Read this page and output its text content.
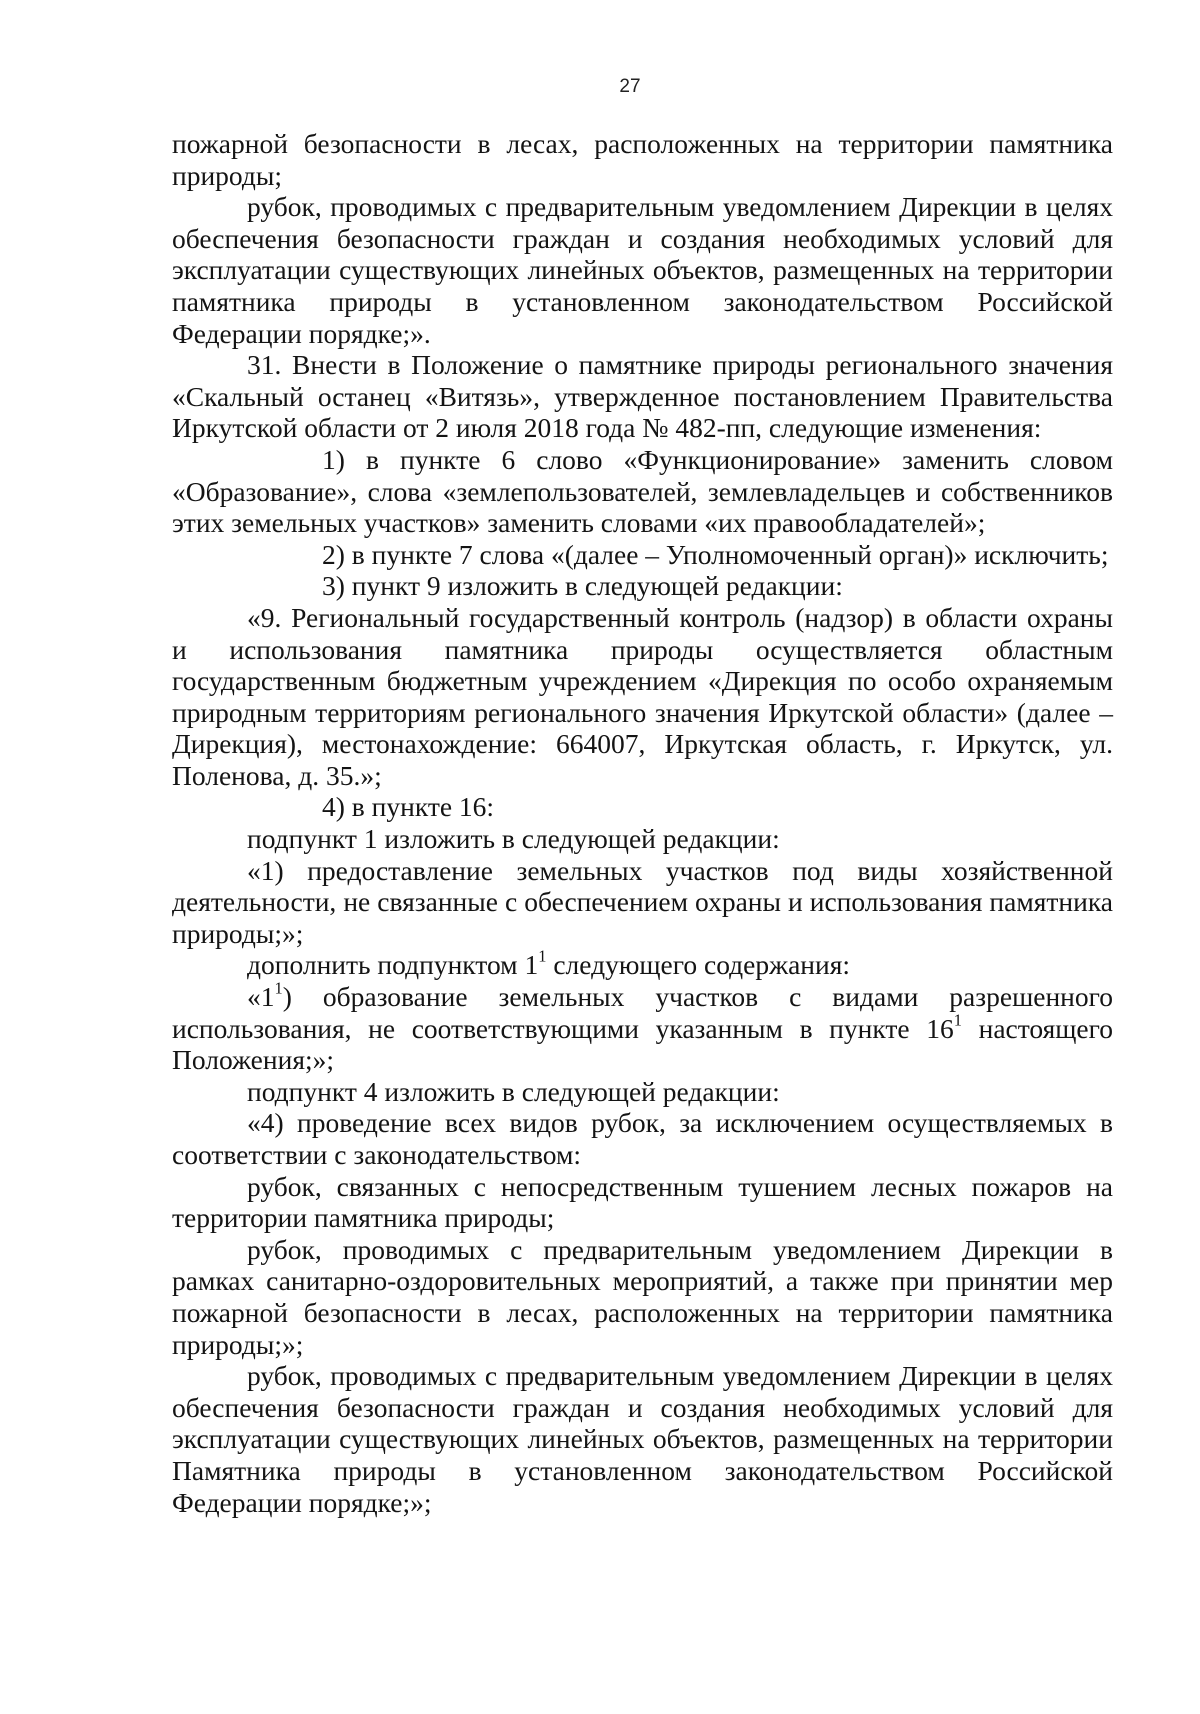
27

пожарной безопасности в лесах, расположенных на территории памятника природы;

рубок, проводимых с предварительным уведомлением Дирекции в целях обеспечения безопасности граждан и создания необходимых условий для эксплуатации существующих линейных объектов, размещенных на территории памятника природы в установленном законодательством Российской Федерации порядке;».

31. Внести в Положение о памятнике природы регионального значения «Скальный останец «Витязь», утвержденное постановлением Правительства Иркутской области от 2 июля 2018 года № 482-пп, следующие изменения:

1) в пункте 6 слово «Функционирование» заменить словом «Образование», слова «землепользователей, землевладельцев и собственников этих земельных участков» заменить словами «их правообладателей»;

2) в пункте 7 слова «(далее – Уполномоченный орган)» исключить;

3) пункт 9 изложить в следующей редакции:

«9. Региональный государственный контроль (надзор) в области охраны и использования памятника природы осуществляется областным государственным бюджетным учреждением «Дирекция по особо охраняемым природным территориям регионального значения Иркутской области» (далее – Дирекция), местонахождение: 664007, Иркутская область, г. Иркутск, ул. Поленова, д. 35.»;

4) в пункте 16:

подпункт 1 изложить в следующей редакции:

«1) предоставление земельных участков под виды хозяйственной деятельности, не связанные с обеспечением охраны и использования памятника природы;»;

дополнить подпунктом $1^1$ следующего содержания:

«$1^1$) образование земельных участков с видами разрешенного использования, не соответствующими указанным в пункте $16^1$ настоящего Положения;»;

подпункт 4 изложить в следующей редакции:

«4) проведение всех видов рубок, за исключением осуществляемых в соответствии с законодательством:

рубок, связанных с непосредственным тушением лесных пожаров на территории памятника природы;

рубок, проводимых с предварительным уведомлением Дирекции в рамках санитарно-оздоровительных мероприятий, а также при принятии мер пожарной безопасности в лесах, расположенных на территории памятника природы;»;

рубок, проводимых с предварительным уведомлением Дирекции в целях обеспечения безопасности граждан и создания необходимых условий для эксплуатации существующих линейных объектов, размещенных на территории Памятника природы в установленном законодательством Российской Федерации порядке;»;
